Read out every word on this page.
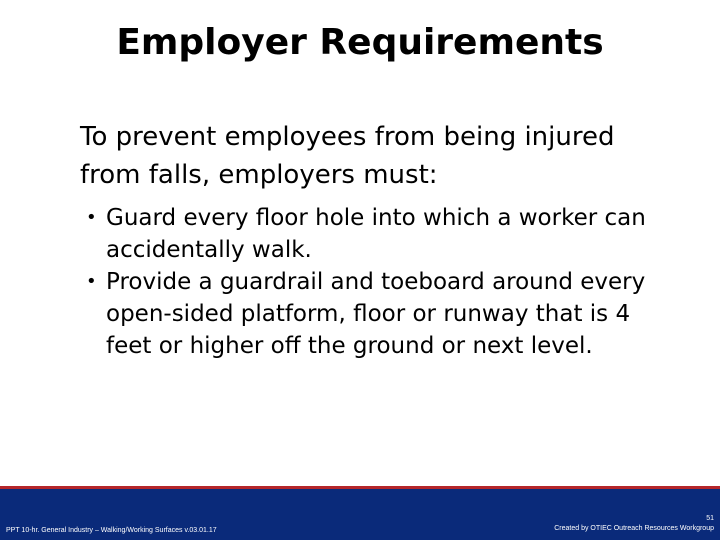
Employer Requirements

To prevent employees from being injured from falls, employers must:

• Guard every floor hole into which a worker can accidentally walk.
• Provide a guardrail and toeboard around every open-sided platform, floor or runway that is 4 feet or higher off the ground or next level.
PPT 10-hr. General Industry – Walking/Working Surfaces v.03.01.17
51
Created by OTIEC Outreach Resources Workgroup
